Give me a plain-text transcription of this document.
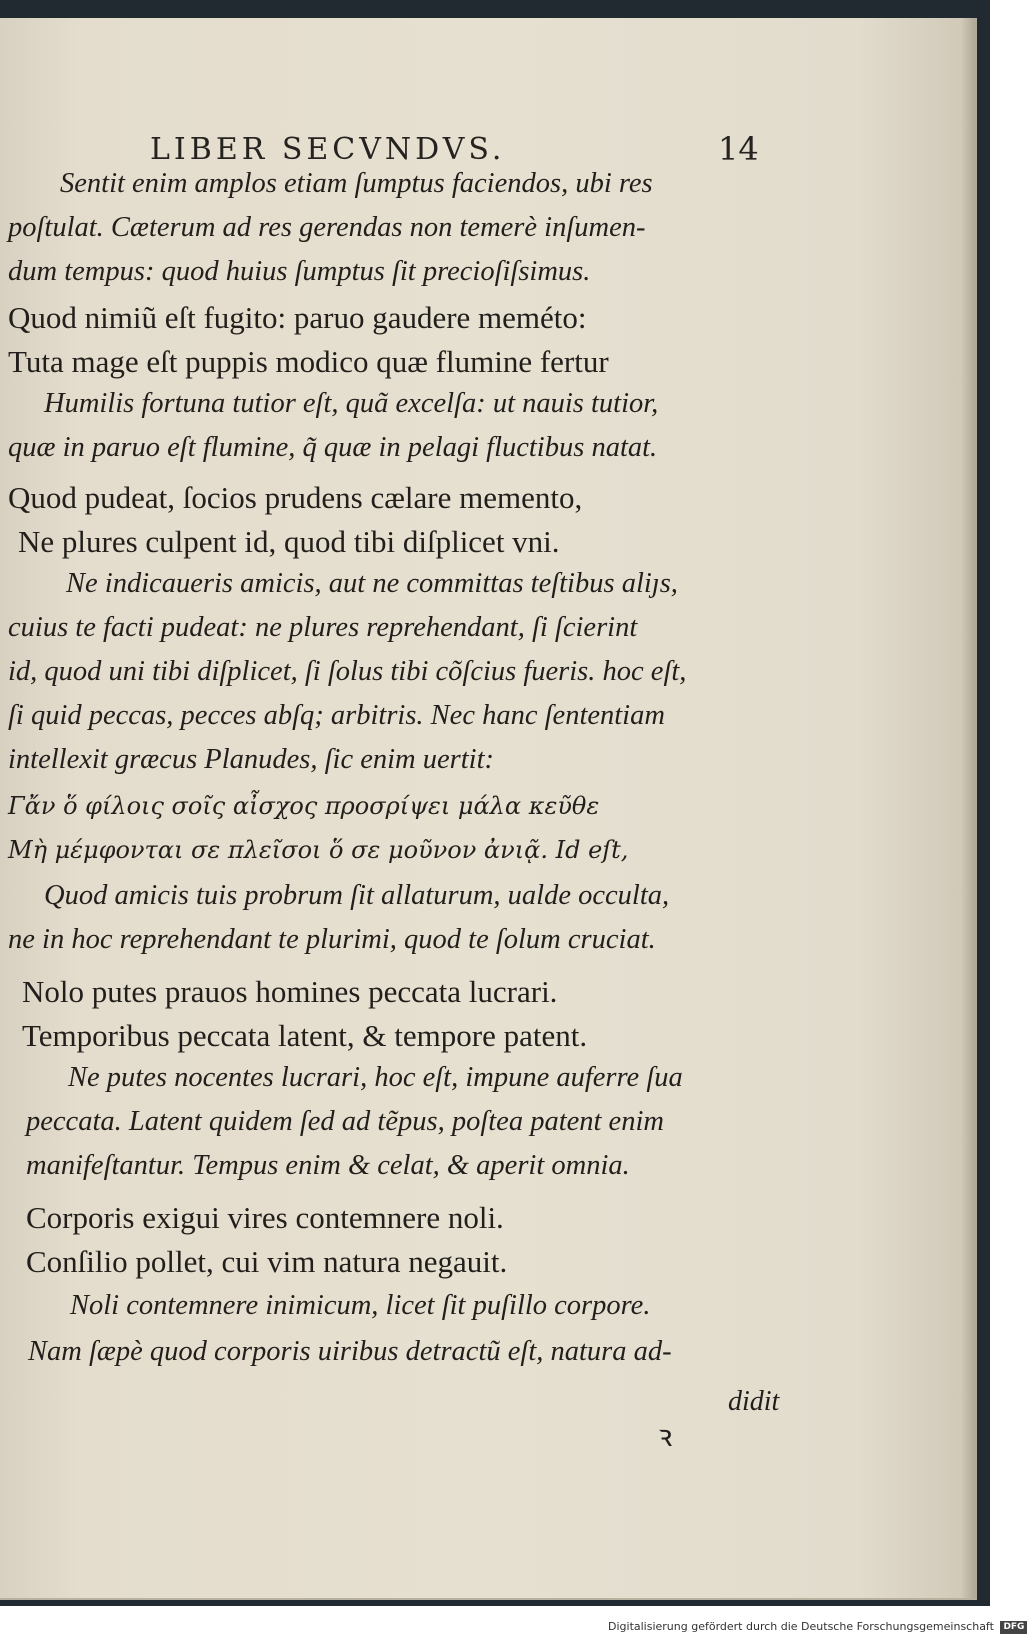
LIBER SECVNDVS.	14
Sentit enim amplos etiam ſumptus faciendos, ubi res
poſtulat. Cæterum ad res gerendas non temerè inſumen-
dum tempus: quod huius ſumptus ſit precioſiſsimus.
Quod nimiũ eſt fugito: paruo gaudere meméto:
Tuta mage eſt puppis modico quæ flumine fertur
Humilis fortuna tutior eſt, quã excelſa: ut nauis tutior,
quæ in paruo eſt flumine, q̃ quæ in pelagi fluctibus natat.
Quod pudeat, ſocios prudens cælare memento,
Ne plures culpent id, quod tibi diſplicet vni.
Ne indicaueris amicis, aut ne committas teſtibus aliȷs,
cuius te facti pudeat: ne plures reprehendant, ſi ſcierint
id, quod uni tibi diſplicet, ſi ſolus tibi cõſcius fueris. hoc eſt,
ſi quid peccas, pecces abſq; arbitris. Nec hanc ſententiam
intellexit græcus Planudes, ſic enim uertit:
Γἄν ὅ φίλοις σοῖς αἶσχος προσρίψει μάλα κεῦθε
Μὴ μέμφονται σε πλεῖσοι ὅ σε μοῦνον ἀνιᾷ. Id eſt,
Quod amicis tuis probrum ſit allaturum, ualde occulta,
ne in hoc reprehendant te plurimi, quod te ſolum cruciat.
Nolo putes prauos homines peccata lucrari.
Temporibus peccata latent, & tempore patent.
Ne putes nocentes lucrari, hoc eſt, impune auferre ſua
peccata. Latent quidem ſed ad tẽpus, poſtea patent enim
manifeſtantur. Tempus enim & celat, & aperit omnia.
Corporis exigui vires contemnere noli.
Conſilio pollet, cui vim natura negauit.
Noli contemnere inimicum, licet ſit puſillo corpore.
Nam ſæpè quod corporis uiribus detractũ eſt, natura ad-
didit
ꝛ
Digitalisierung gefördert durch die Deutsche Forschungsgemeinschaft DFG
